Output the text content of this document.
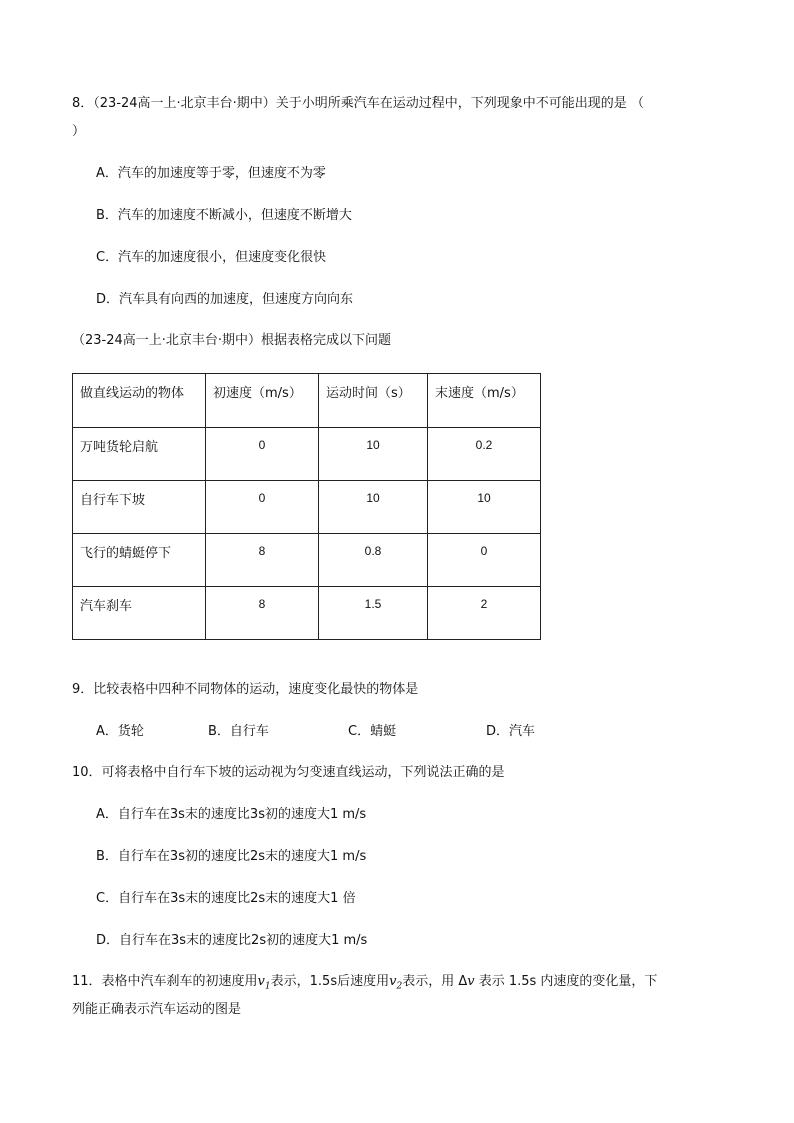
8．（23-24高一上·北京丰台·期中）关于小明所乘汽车在运动过程中，下列现象中不可能出现的是 （
）
A．汽车的加速度等于零，但速度不为零
B．汽车的加速度不断减小，但速度不断增大
C．汽车的加速度很小，但速度变化很快
D．汽车具有向西的加速度，但速度方向向东
（23-24高一上·北京丰台·期中）根据表格完成以下问题
做直线运动的物体	初速度（m/s）	运动时间（s）	末速度（m/s）
万吨货轮启航	0	10	0.2
自行车下坡	0	10	10
飞行的蜻蜓停下	8	0.8	0
汽车刹车	8	1.5	2
9．比较表格中四种不同物体的运动，速度变化最快的物体是
A．货轮	B．自行车	C．蜻蜓	D．汽车
10．可将表格中自行车下坡的运动视为匀变速直线运动，下列说法正确的是
A．自行车在3s末的速度比3s初的速度大1 m/s
B．自行车在3s初的速度比2s末的速度大1 m/s
C．自行车在3s末的速度比2s末的速度大1 倍
D．自行车在3s末的速度比2s初的速度大1 m/s
11．表格中汽车刹车的初速度用$v_1$表示，1.5s后速度用$v_2$表示，用 Δv 表示 1.5s 内速度的变化量，下
列能正确表示汽车运动的图是
